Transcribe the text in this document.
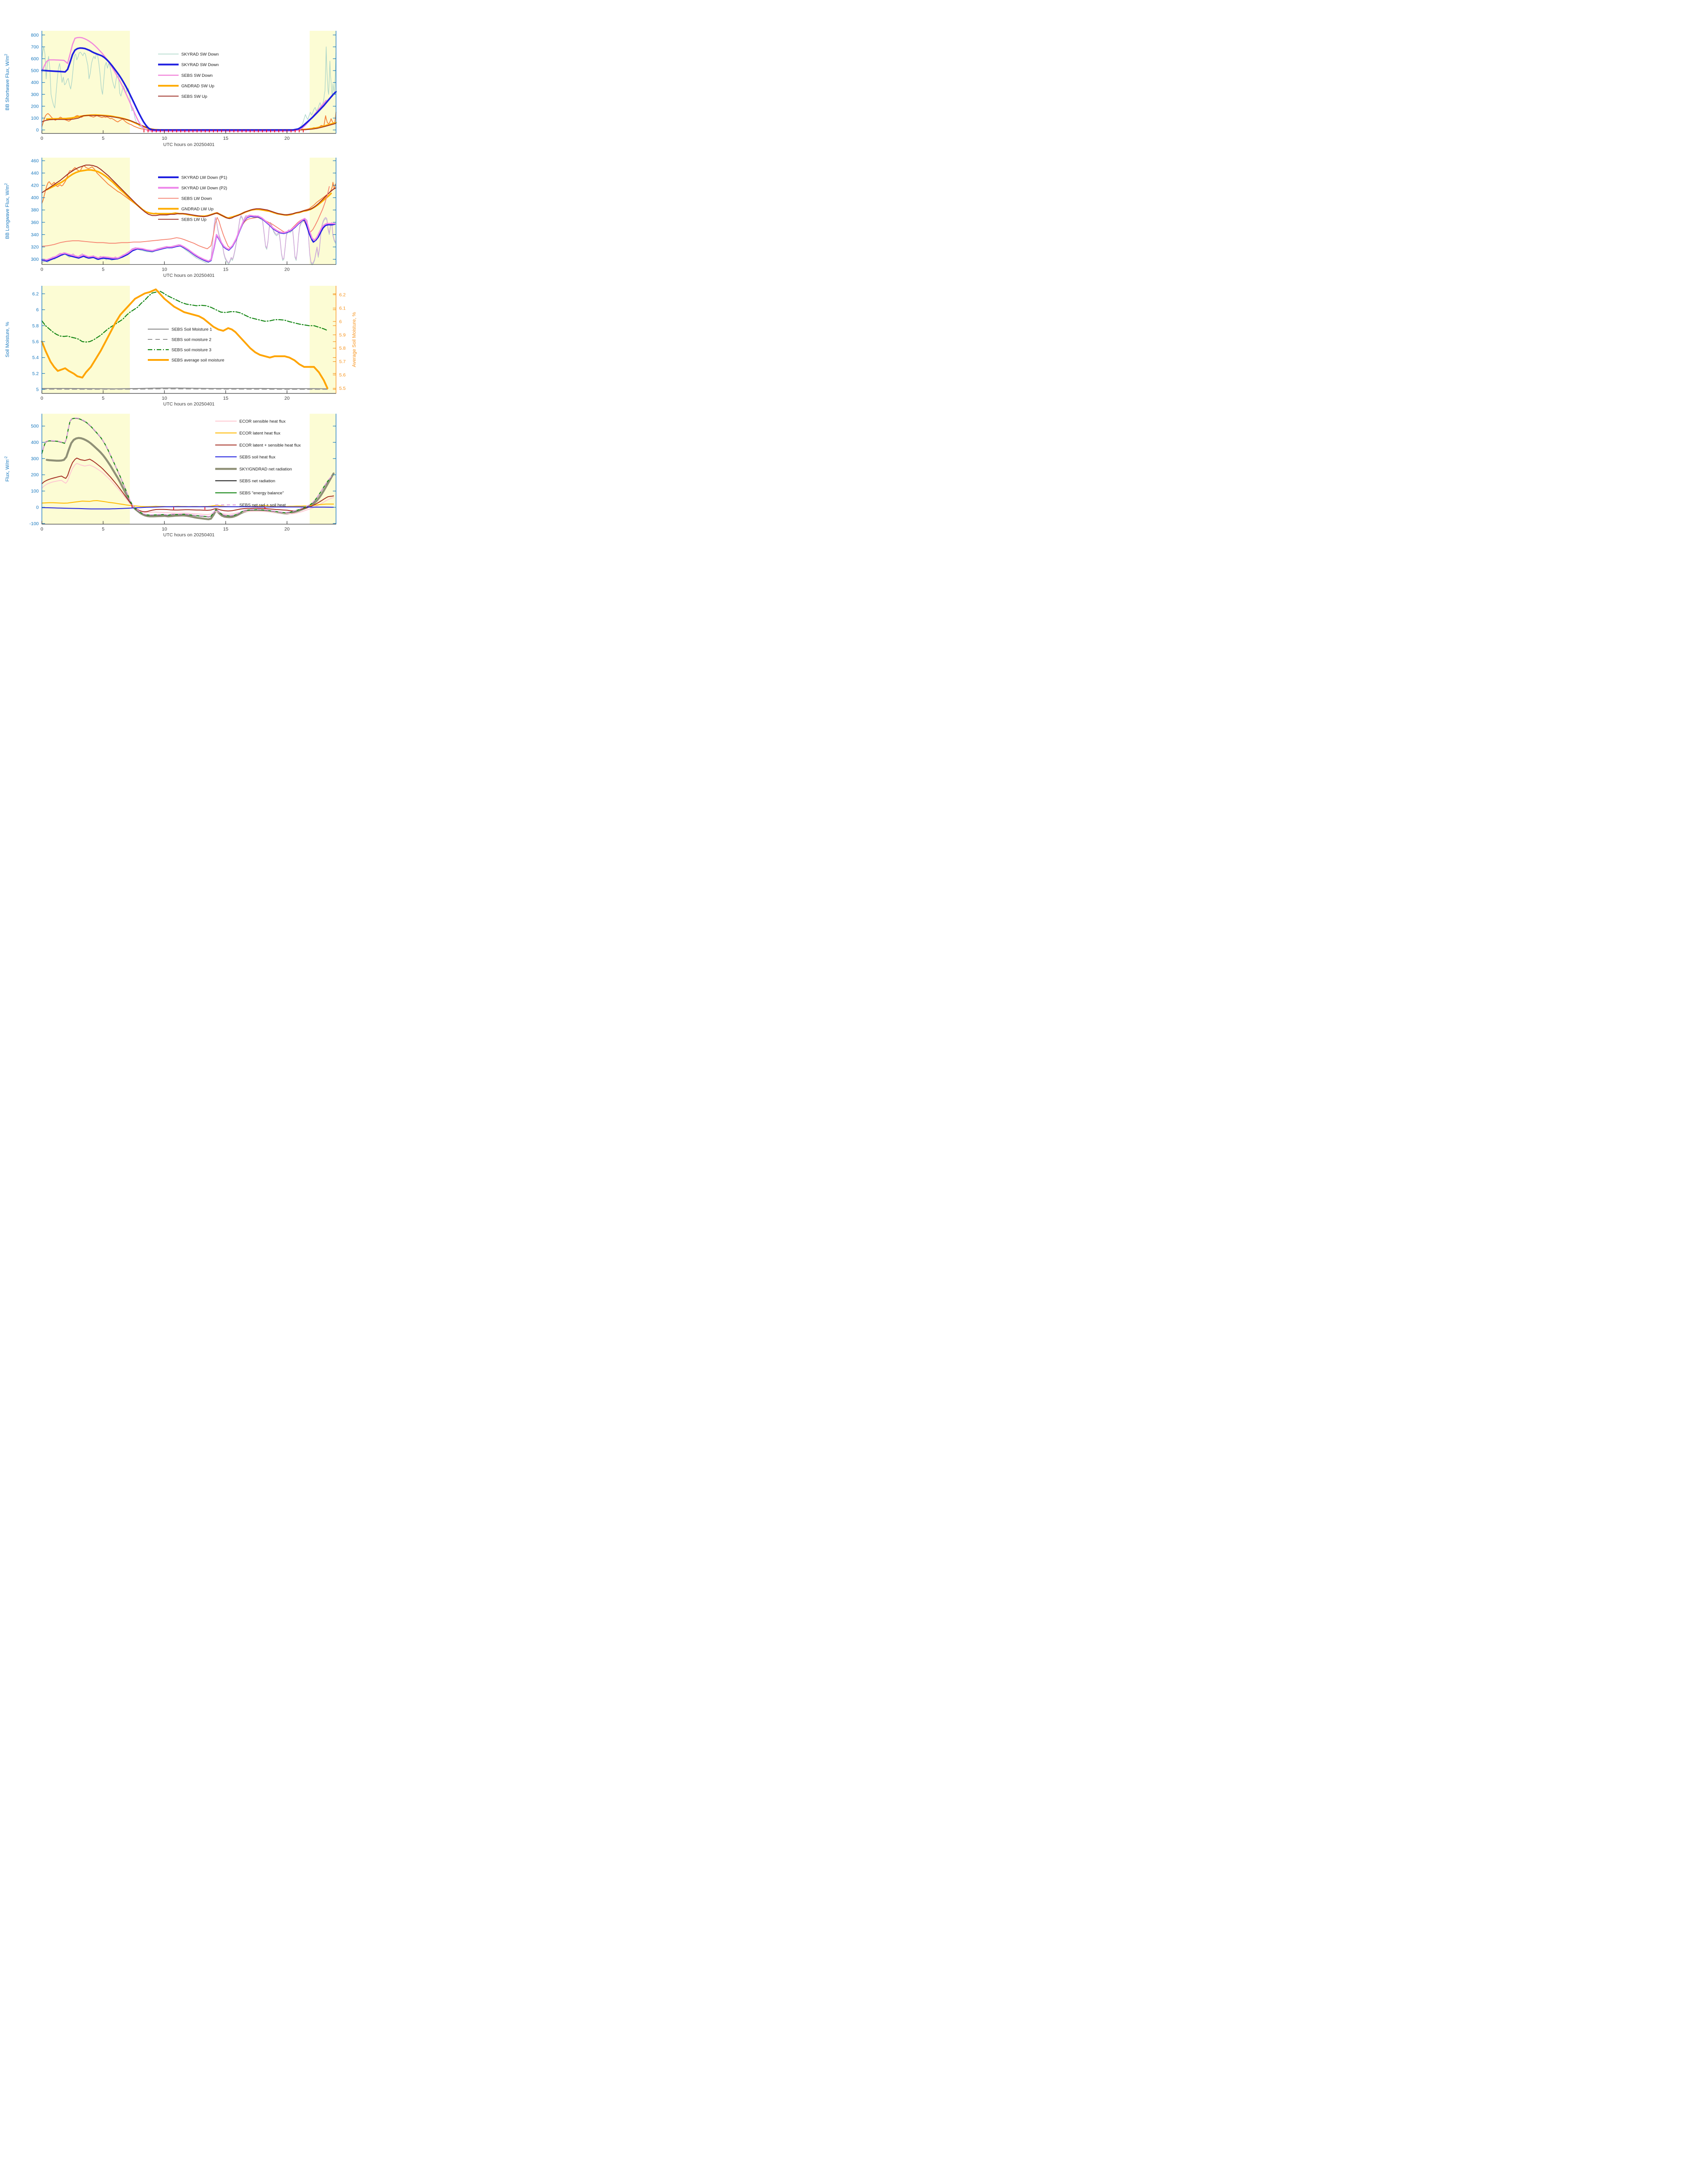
0
100
200
300
400
500
600
700
800
0	5	10	15	20
BB Shortwave Flux, $W/m^2$	SKYRAD SW Down
SKYRAD SW Down
SEBS SW Down
GNDRAD SW Up
SEBS SW Up
300
320
340
360
380
400
420
440
460
0	5	10	15	20
BB Longwave Flux, $W/m^2$
SKYRAD LW Down (P1)
SKYRAD LW Down (P2)
SEBS LW Down
GNDRAD LW Up
SEBS LW Up
5
5.2
5.4
5.6
5.8
6
6.2
5.5
5.6
5.7
5.8
5.9
6
6.1
6.2
Average Soil Moisture, %
0	5	10	15	20
Soil Moisture, %	SEBS Soil Moisture 1
SEBS soil moisture 2
SEBS soil moisture 3
SEBS average soil moisture
-100
0
100
200
300
400
500
0	5	10	15	20
Flux, $W/m^{-2}$
ECOR sensible heat flux
ECOR latent heat flux
ECOR latent + sensible heat flux
SEBS soil heat flux
SKY/GNDRAD net radiation
SEBS net radiation
SEBS "energy balance"
SEBS net rad + soil heat
UTC hours on 20250401
UTC hours on 20250401
UTC hours on 20250401
UTC hours on 20250401
